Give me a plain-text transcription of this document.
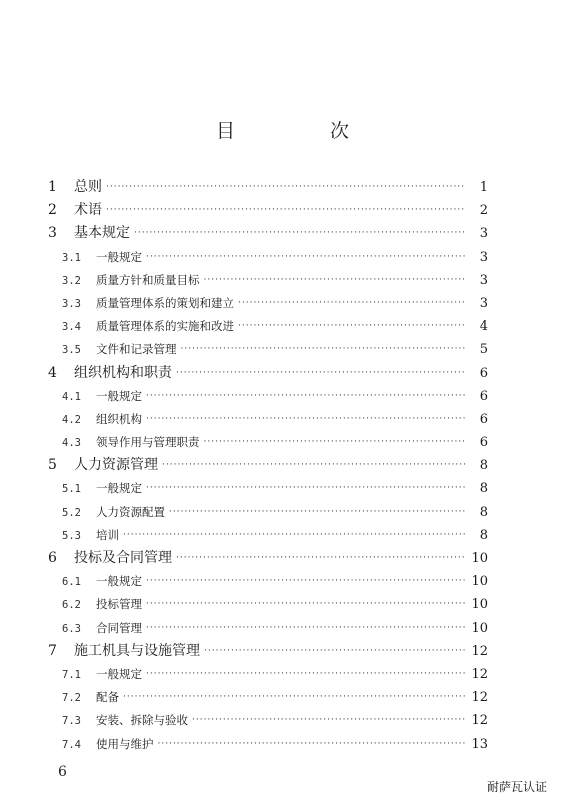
目　次
1	总则 ·····	1
2	术语 ·····	2
3	基本规定 ·····	3
3.1	一般规定 ·····	3
3.2	质量方针和质量目标 ·····	3
3.3	质量管理体系的策划和建立 ·····	3
3.4	质量管理体系的实施和改进 ·····	4
3.5	文件和记录管理 ·····	5
4	组织机构和职责 ·····	6
4.1	一般规定 ·····	6
4.2	组织机构 ·····	6
4.3	领导作用与管理职责 ·····	6
5	人力资源管理 ·····	8
5.1	一般规定 ·····	8
5.2	人力资源配置 ·····	8
5.3	培训 ·····	8
6	投标及合同管理 ·····	10
6.1	一般规定 ·····	10
6.2	投标管理 ·····	10
6.3	合同管理 ·····	10
7	施工机具与设施管理 ·····	12
7.1	一般规定 ·····	12
7.2	配备 ·····	12
7.3	安装、拆除与验收 ·····	12
7.4	使用与维护 ·····	13
6
耐萨瓦认证
